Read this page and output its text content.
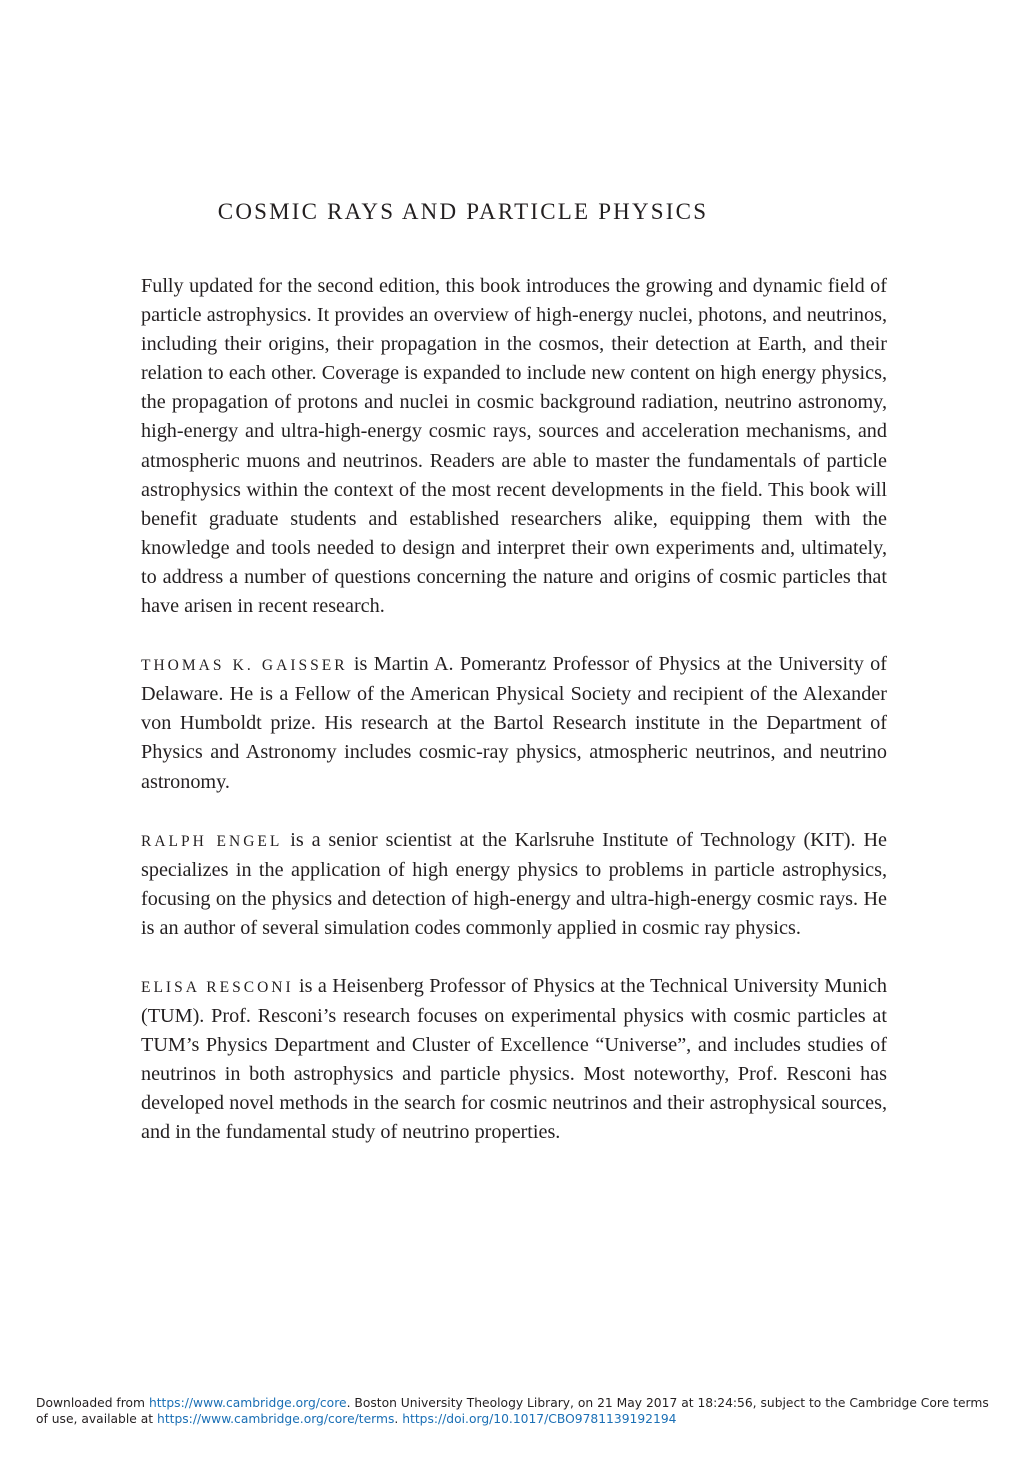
COSMIC RAYS AND PARTICLE PHYSICS

Fully updated for the second edition, this book introduces the growing and dynamic field of particle astrophysics. It provides an overview of high-energy nuclei, photons, and neutrinos, including their origins, their propagation in the cosmos, their detection at Earth, and their relation to each other. Coverage is expanded to include new content on high energy physics, the propagation of protons and nuclei in cosmic background radiation, neutrino astronomy, high-energy and ultra-high-energy cosmic rays, sources and acceleration mechanisms, and atmospheric muons and neutrinos. Readers are able to master the fundamentals of particle astrophysics within the context of the most recent developments in the field. This book will benefit graduate students and established researchers alike, equipping them with the knowledge and tools needed to design and interpret their own experiments and, ultimately, to address a number of questions concerning the nature and origins of cosmic particles that have arisen in recent research.

THOMAS K. GAISSER is Martin A. Pomerantz Professor of Physics at the University of Delaware. He is a Fellow of the American Physical Society and recipient of the Alexander von Humboldt prize. His research at the Bartol Research institute in the Department of Physics and Astronomy includes cosmic-ray physics, atmospheric neutrinos, and neutrino astronomy.

RALPH ENGEL is a senior scientist at the Karlsruhe Institute of Technology (KIT). He specializes in the application of high energy physics to problems in particle astrophysics, focusing on the physics and detection of high-energy and ultra-high-energy cosmic rays. He is an author of several simulation codes commonly applied in cosmic ray physics.

ELISA RESCONI is a Heisenberg Professor of Physics at the Technical University Munich (TUM). Prof. Resconi’s research focuses on experimental physics with cosmic particles at TUM’s Physics Department and Cluster of Excellence “Universe”, and includes studies of neutrinos in both astrophysics and particle physics. Most noteworthy, Prof. Resconi has developed novel methods in the search for cosmic neutrinos and their astrophysical sources, and in the fundamental study of neutrino properties.

Downloaded from https://www.cambridge.org/core. Boston University Theology Library, on 21 May 2017 at 18:24:56, subject to the Cambridge Core terms of use, available at https://www.cambridge.org/core/terms. https://doi.org/10.1017/CBO9781139192194
